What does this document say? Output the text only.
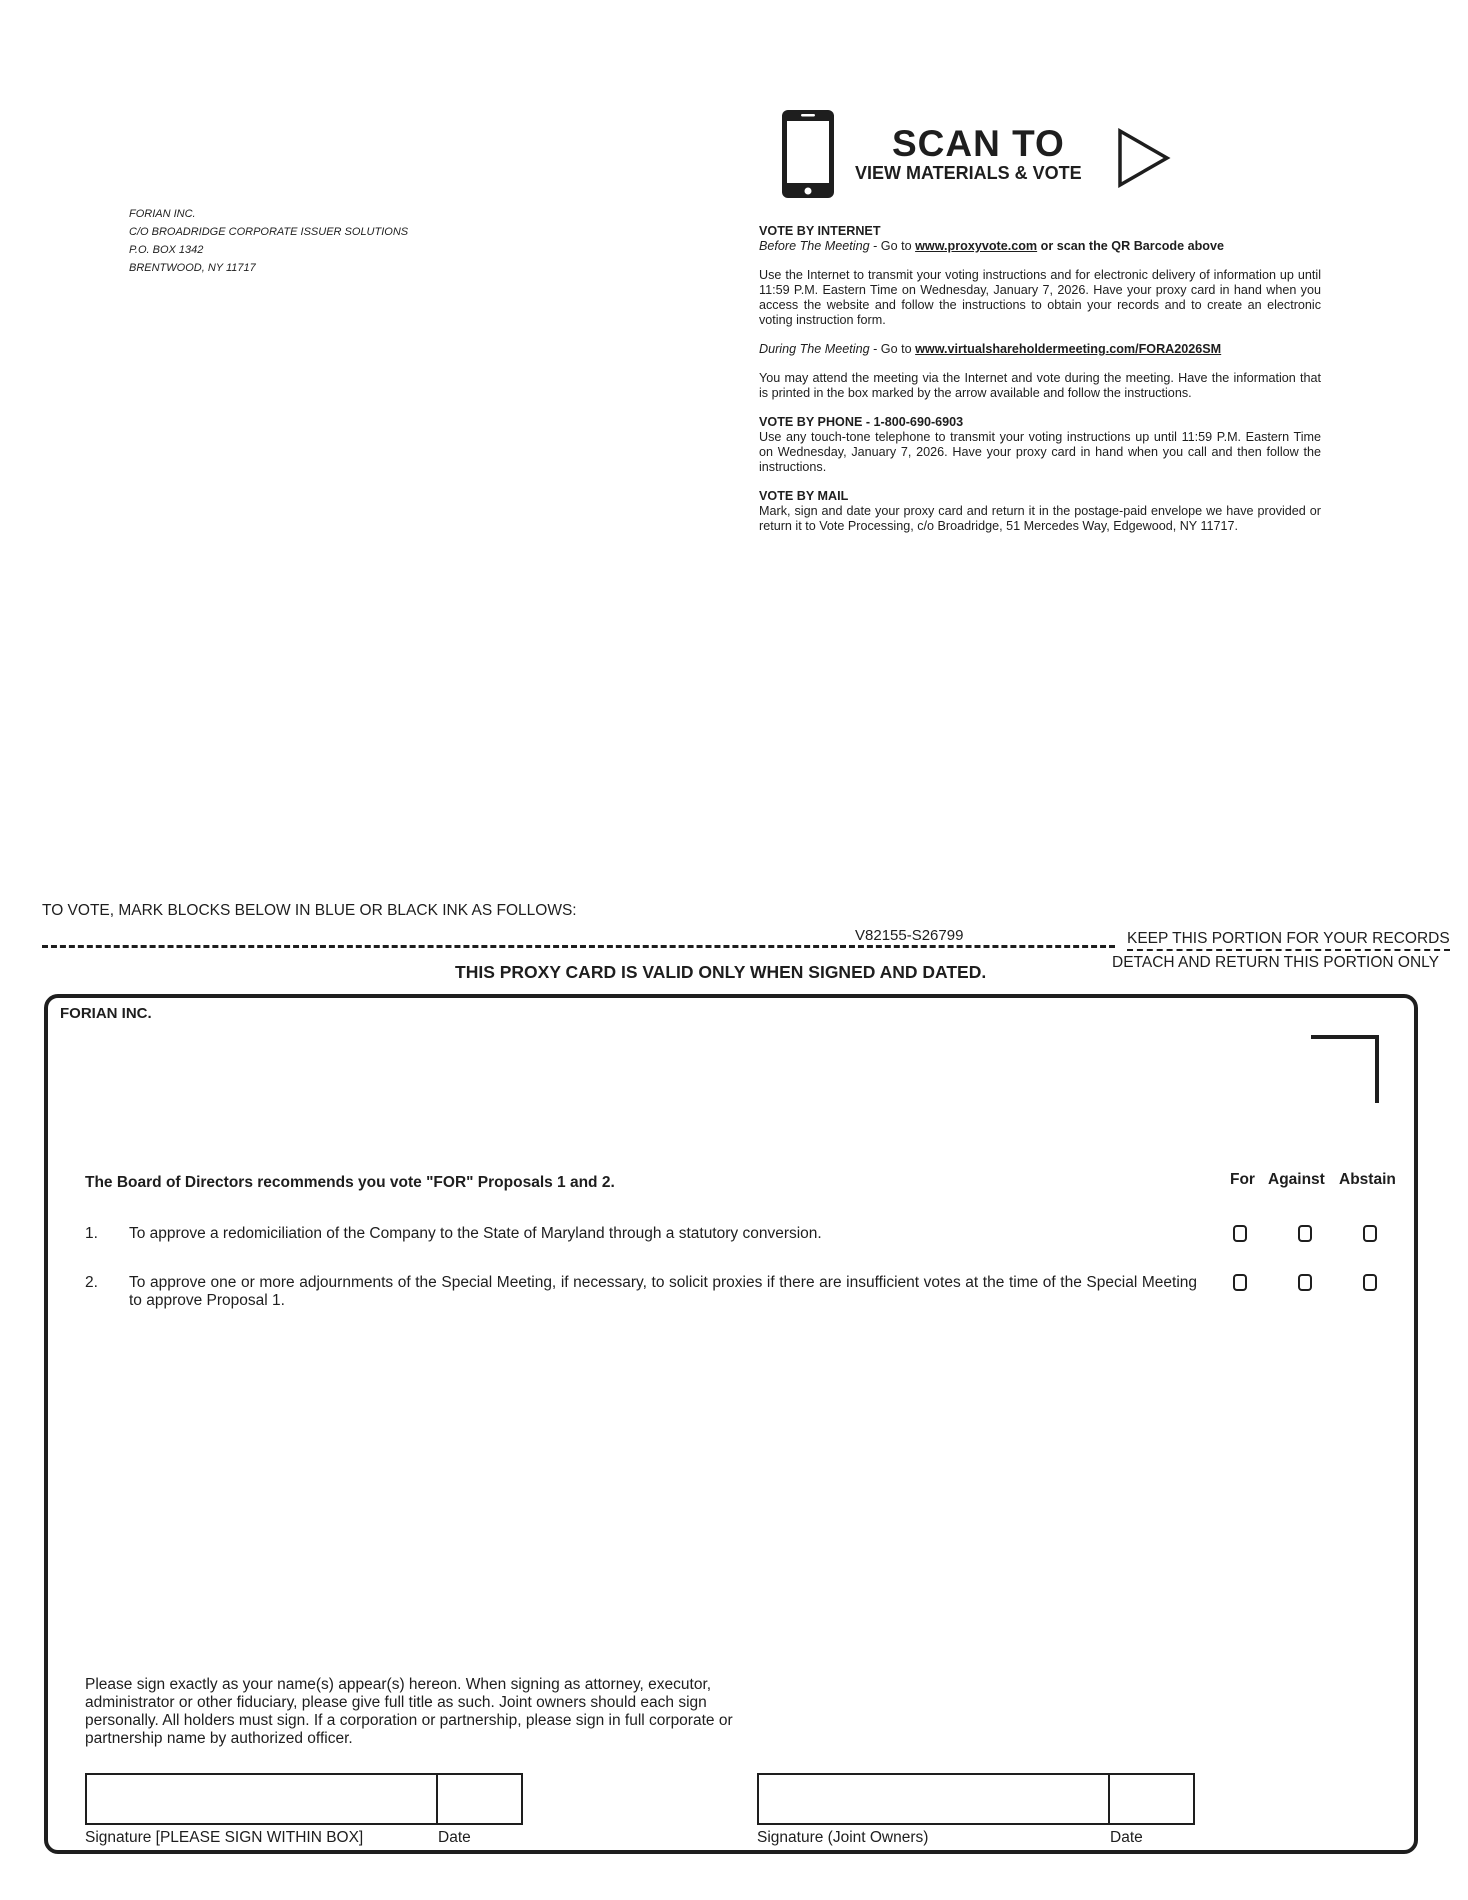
FORIAN INC.
C/O BROADRIDGE CORPORATE ISSUER SOLUTIONS
P.O. BOX 1342
BRENTWOOD, NY 11717
SCAN TO
VIEW MATERIALS & VOTE
VOTE BY INTERNET

Before The Meeting - Go to www.proxyvote.com or scan the QR Barcode above

Use the Internet to transmit your voting instructions and for electronic delivery of information up until 11:59 P.M. Eastern Time on Wednesday, January 7, 2026. Have your proxy card in hand when you access the website and follow the instructions to obtain your records and to create an electronic voting instruction form.

During The Meeting - Go to www.virtualshareholdermeeting.com/FORA2026SM

You may attend the meeting via the Internet and vote during the meeting. Have the information that is printed in the box marked by the arrow available and follow the instructions.

VOTE BY PHONE - 1-800-690-6903

Use any touch-tone telephone to transmit your voting instructions up until 11:59 P.M. Eastern Time on Wednesday, January 7, 2026. Have your proxy card in hand when you call and then follow the instructions.

VOTE BY MAIL

Mark, sign and date your proxy card and return it in the postage-paid envelope we have provided or return it to Vote Processing, c/o Broadridge, 51 Mercedes Way, Edgewood, NY 11717.

TO VOTE, MARK BLOCKS BELOW IN BLUE OR BLACK INK AS FOLLOWS:
V82155-S26799	KEEP THIS PORTION FOR YOUR RECORDS
DETACH AND RETURN THIS PORTION ONLY
THIS PROXY CARD IS VALID ONLY WHEN SIGNED AND DATED.
FORIAN INC.
The Board of Directors recommends you vote "FOR" Proposals 1 and 2.	For Against Abstain
1. To approve a redomiciliation of the Company to the State of Maryland through a statutory conversion.
2. To approve one or more adjournments of the Special Meeting, if necessary, to solicit proxies if there are insufficient votes at the time of the Special Meeting to approve Proposal 1.
Please sign exactly as your name(s) appear(s) hereon. When signing as attorney, executor, administrator or other fiduciary, please give full title as such. Joint owners should each sign personally. All holders must sign. If a corporation or partnership, please sign in full corporate or partnership name by authorized officer.
Signature [PLEASE SIGN WITHIN BOX]	Date	Signature (Joint Owners)	Date
